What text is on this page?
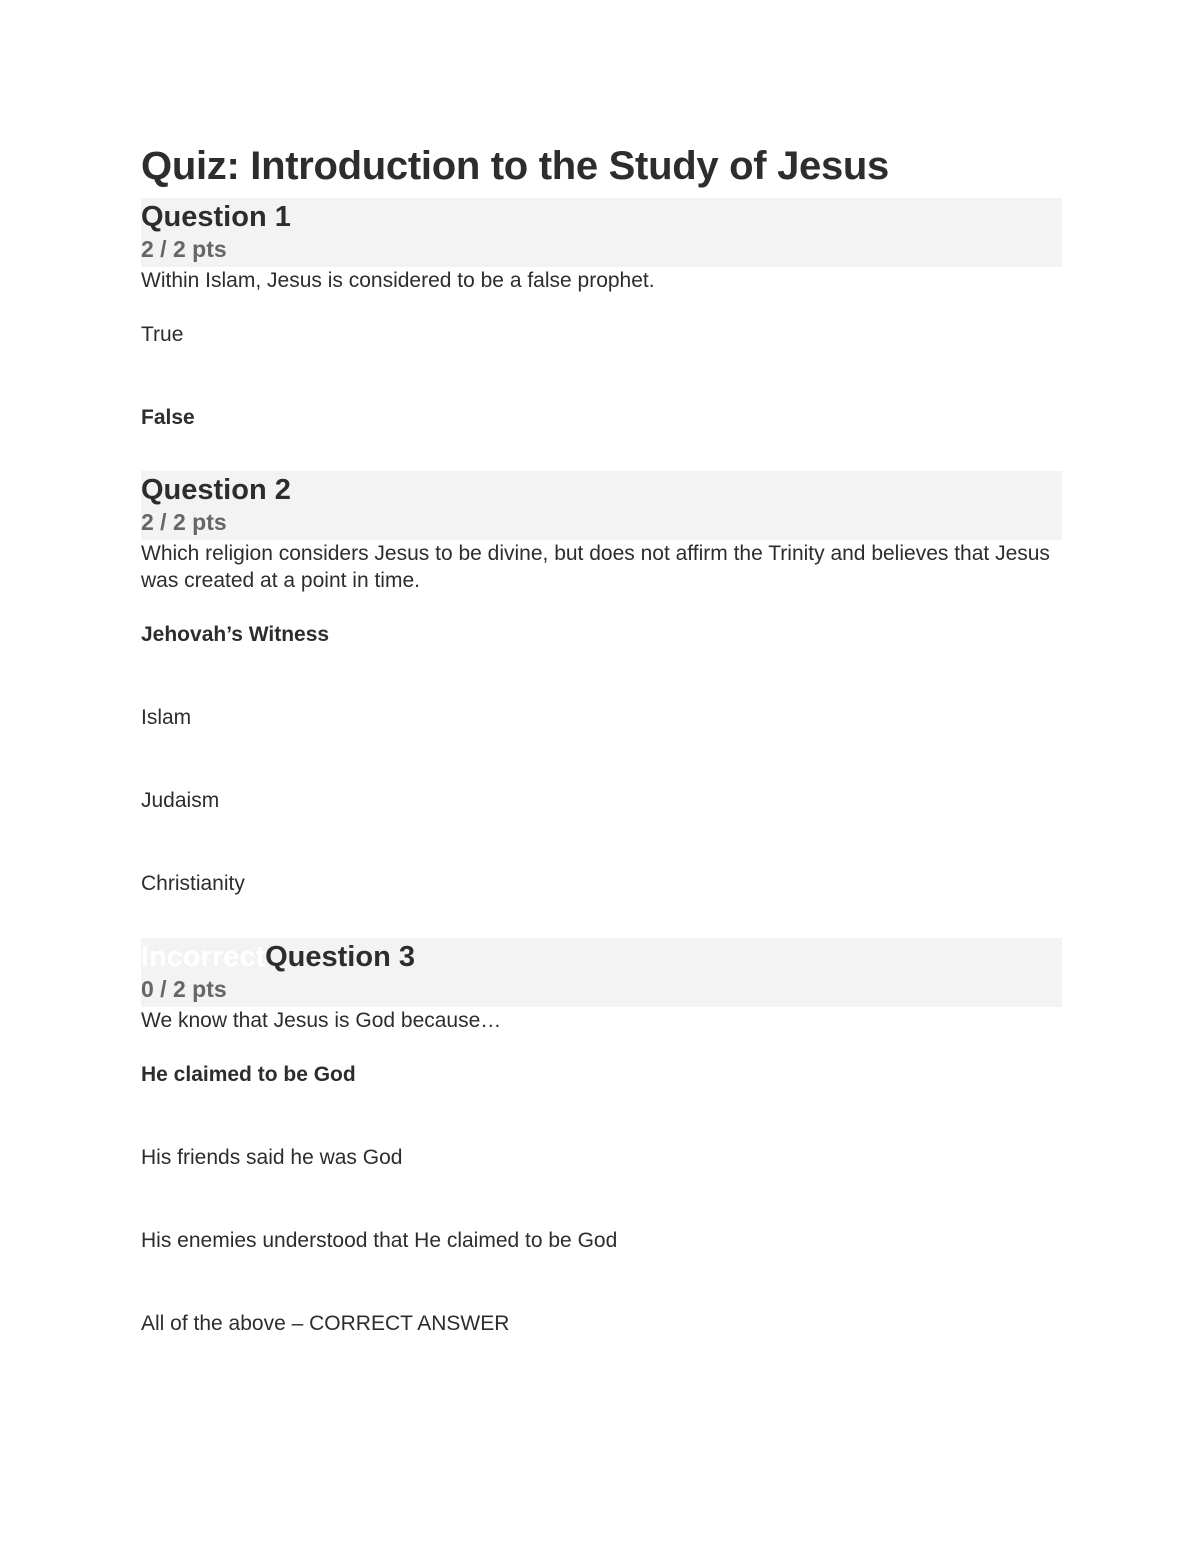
Quiz: Introduction to the Study of Jesus
Question 1
2 / 2 pts
Within Islam, Jesus is considered to be a false prophet.
True
False
Question 2
2 / 2 pts
Which religion considers Jesus to be divine, but does not affirm the Trinity and believes that Jesus was created at a point in time.
Jehovah’s Witness
Islam
Judaism
Christianity
IncorrectQuestion 3
0 / 2 pts
We know that Jesus is God because…
He claimed to be God
His friends said he was God
His enemies understood that He claimed to be God
All of the above – CORRECT ANSWER
